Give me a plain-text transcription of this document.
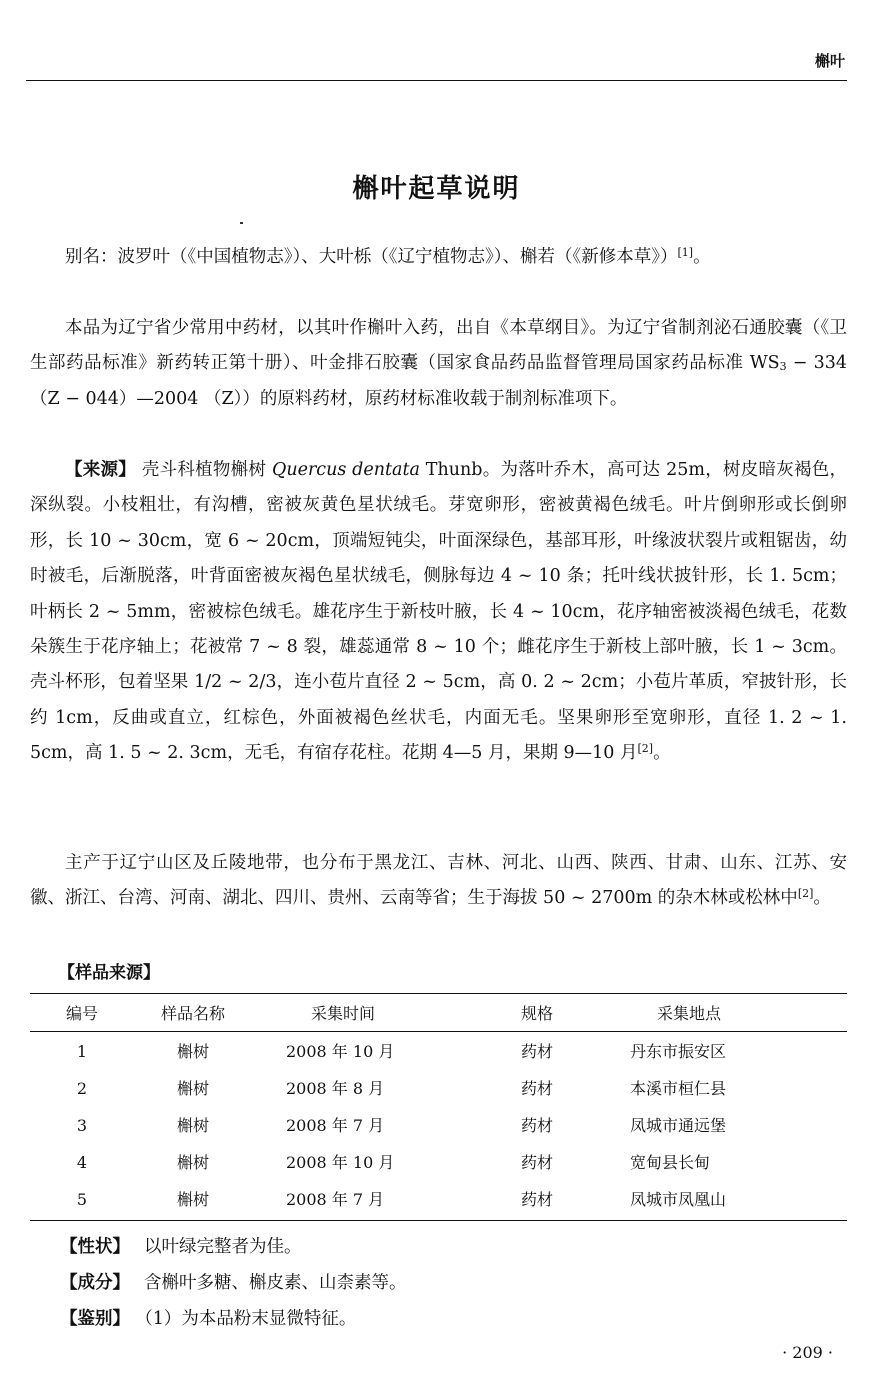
槲叶
槲叶起草说明

别名：波罗叶（《中国植物志》）、大叶栎（《辽宁植物志》）、槲若（《新修本草》）[1]。

本品为辽宁省少常用中药材，以其叶作槲叶入药，出自《本草纲目》。为辽宁省制剂泌石通胶囊（《卫生部药品标准》新药转正第十册）、叶金排石胶囊（国家食品药品监督管理局国家药品标准 $WS_3 - 334$ （Z − 044）—2004 （Z））的原料药材，原药材标准收载于制剂标准项下。

【来源】 壳斗科植物槲树 Quercus dentata Thunb。为落叶乔木，高可达 25m，树皮暗灰褐色，深纵裂。小枝粗壮，有沟槽，密被灰黄色星状绒毛。芽宽卵形，密被黄褐色绒毛。叶片倒卵形或长倒卵形，长 10 ~ 30cm，宽 6 ~ 20cm，顶端短钝尖，叶面深绿色，基部耳形，叶缘波状裂片或粗锯齿，幼时被毛，后渐脱落，叶背面密被灰褐色星状绒毛，侧脉每边 4 ~ 10 条；托叶线状披针形，长 1. 5cm；叶柄长 2 ~ 5mm，密被棕色绒毛。雄花序生于新枝叶腋，长 4 ~ 10cm，花序轴密被淡褐色绒毛，花数朵簇生于花序轴上；花被常 7 ~ 8 裂，雄蕊通常 8 ~ 10 个；雌花序生于新枝上部叶腋，长 1 ~ 3cm。壳斗杯形，包着坚果 1/2 ~ 2/3，连小苞片直径 2 ~ 5cm，高 0. 2 ~ 2cm；小苞片革质，窄披针形，长约 1cm，反曲或直立，红棕色，外面被褐色丝状毛，内面无毛。坚果卵形至宽卵形，直径 1. 2 ~ 1. 5cm，高 1. 5 ~ 2. 3cm，无毛，有宿存花柱。花期 4—5 月，果期 9—10 月[2]。

主产于辽宁山区及丘陵地带，也分布于黑龙江、吉林、河北、山西、陕西、甘肃、山东、江苏、安徽、浙江、台湾、河南、湖北、四川、贵州、云南等省；生于海拔 50 ~ 2700m 的杂木林或松林中[2]。

【样品来源】
编号	样品名称	采集时间	规格	采集地点
1	槲树	2008 年 10 月	药材	丹东市振安区
2	槲树	2008 年 8 月	药材	本溪市桓仁县
3	槲树	2008 年 7 月	药材	凤城市通远堡
4	槲树	2008 年 10 月	药材	宽甸县长甸
5	槲树	2008 年 7 月	药材	凤城市凤凰山
【性状】 以叶绿完整者为佳。
【成分】 含槲叶多糖、槲皮素、山柰素等。
【鉴别】 （1）为本品粉末显微特征。
· 209 ·
